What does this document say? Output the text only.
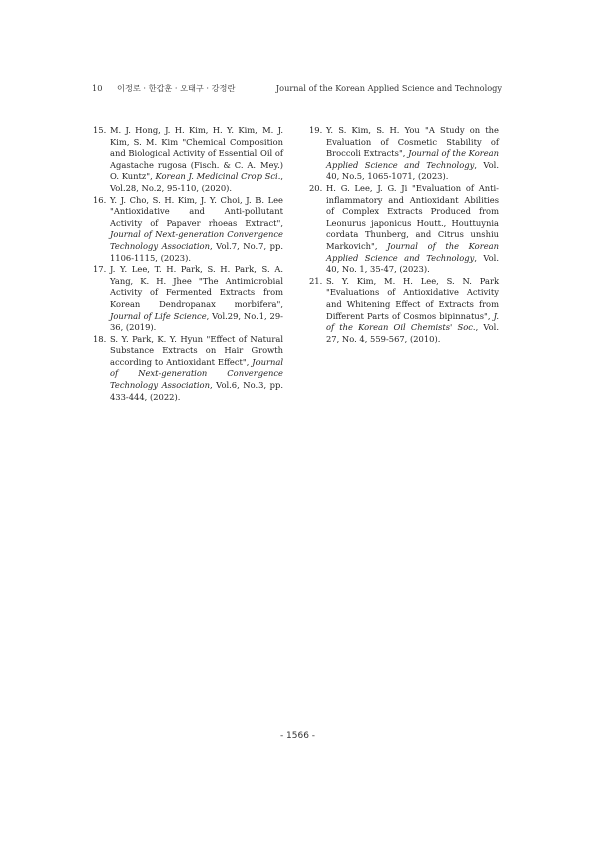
10 이정로 · 한갑훈 · 오태구 · 강정란	Journal of the Korean Applied Science and Technology
15. M. J. Hong, J. H. Kim, H. Y. Kim, M. J. Kim, S. M. Kim "Chemical Composition and Biological Activity of Essential Oil of Agastache rugosa (Fisch. & C. A. Mey.) O. Kuntz", Korean J. Medicinal Crop Sci., Vol.28, No.2, 95-110, (2020).
16. Y. J. Cho, S. H. Kim, J. Y. Choi, J. B. Lee "Antioxidative and Anti-pollutant Activity of Papaver rhoeas Extract", Journal of Next-generation Convergence Technology Association, Vol.7, No.7, pp. 1106-1115, (2023).
17. J. Y. Lee, T. H. Park, S. H. Park, S. A. Yang, K. H. Jhee "The Antimicrobial Activity of Fermented Extracts from Korean Dendropanax morbifera", Journal of Life Science, Vol.29, No.1, 29-36, (2019).
18. S. Y. Park, K. Y. Hyun "Effect of Natural Substance Extracts on Hair Growth according to Antioxidant Effect", Journal of Next-generation Convergence Technology Association, Vol.6, No.3, pp. 433-444, (2022).
19. Y. S. Kim, S. H. You "A Study on the Evaluation of Cosmetic Stability of Broccoli Extracts", Journal of the Korean Applied Science and Technology, Vol. 40, No.5, 1065-1071, (2023).
20. H. G. Lee, J. G. Ji "Evaluation of Anti-inflammatory and Antioxidant Abilities of Complex Extracts Produced from Leonurus japonicus Houtt., Houttuynia cordata Thunberg, and Citrus unshiu Markovich", Journal of the Korean Applied Science and Technology, Vol. 40, No. 1, 35-47, (2023).
21. S. Y. Kim, M. H. Lee, S. N. Park "Evaluations of Antioxidative Activity and Whitening Effect of Extracts from Different Parts of Cosmos bipinnatus", J. of the Korean Oil Chemists' Soc., Vol. 27, No. 4, 559-567, (2010).
- 1566 -
